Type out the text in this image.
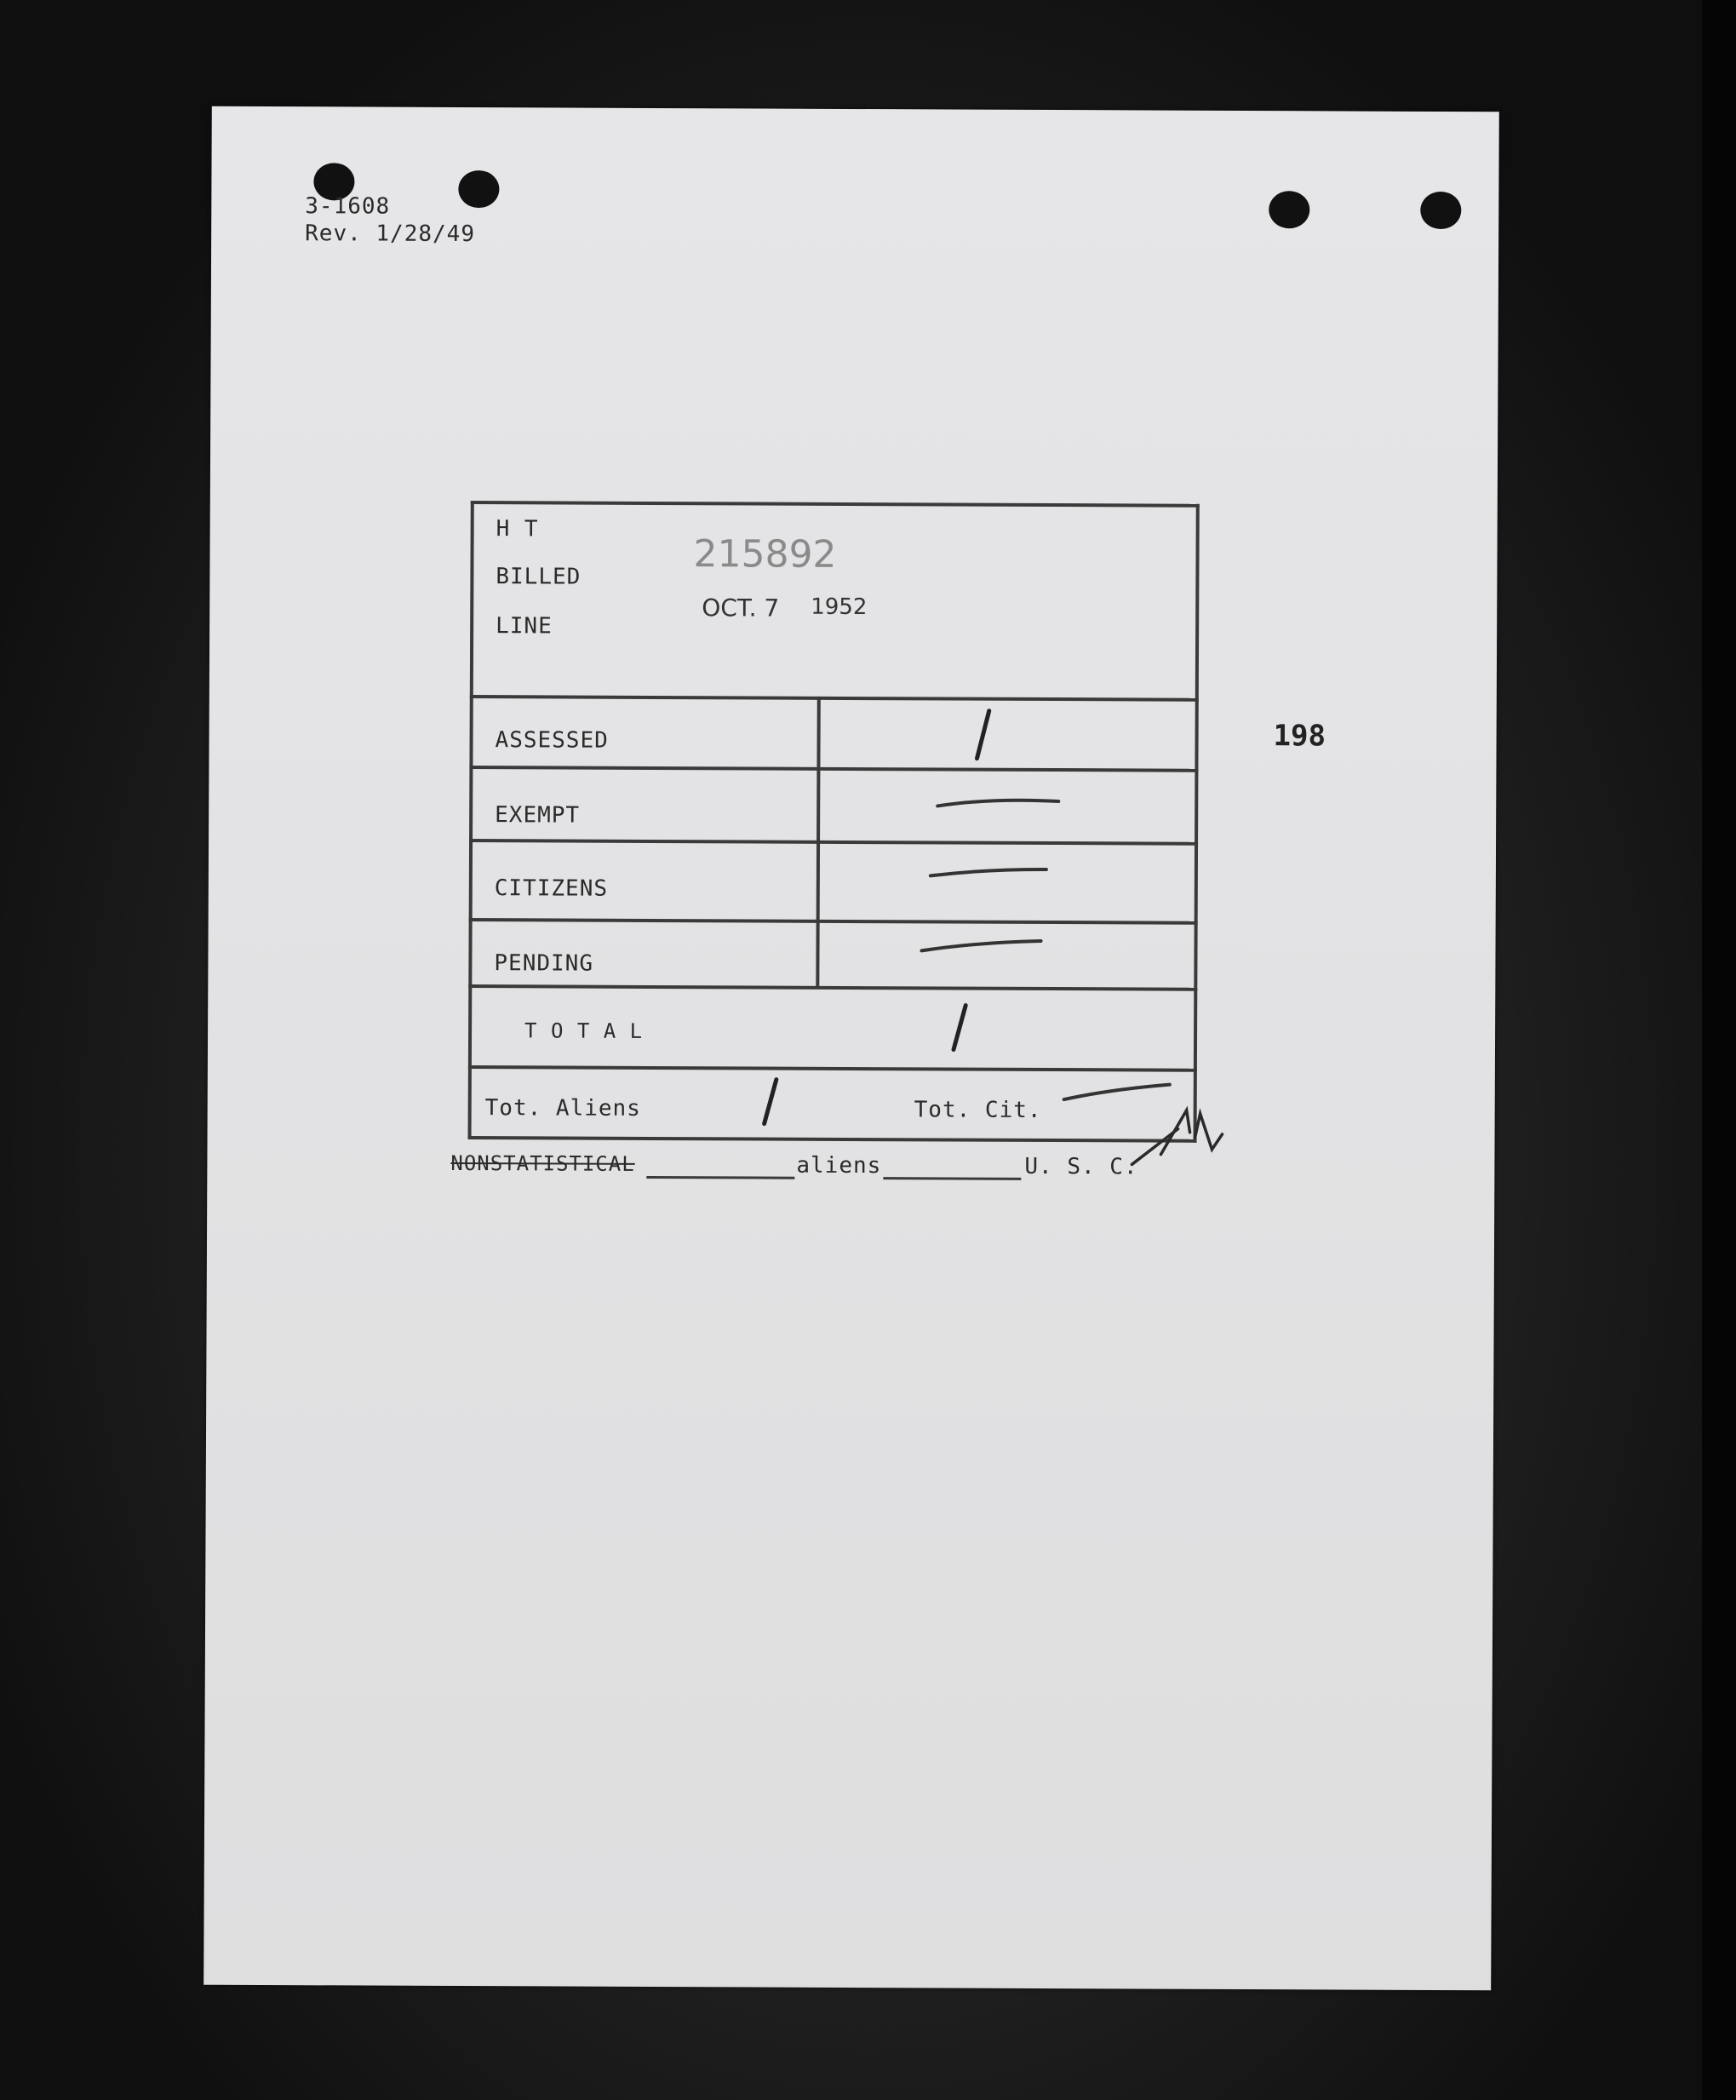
3-1608
Rev. 1/28/49
H T
BILLED
LINE
215892
OCT. 7 1952
ASSESSED
EXEMPT
CITIZENS
PENDING
T O T A L
Tot. Aliens	Tot. Cit.
NONSTATISTICAL	aliens	U. S. C.
198
